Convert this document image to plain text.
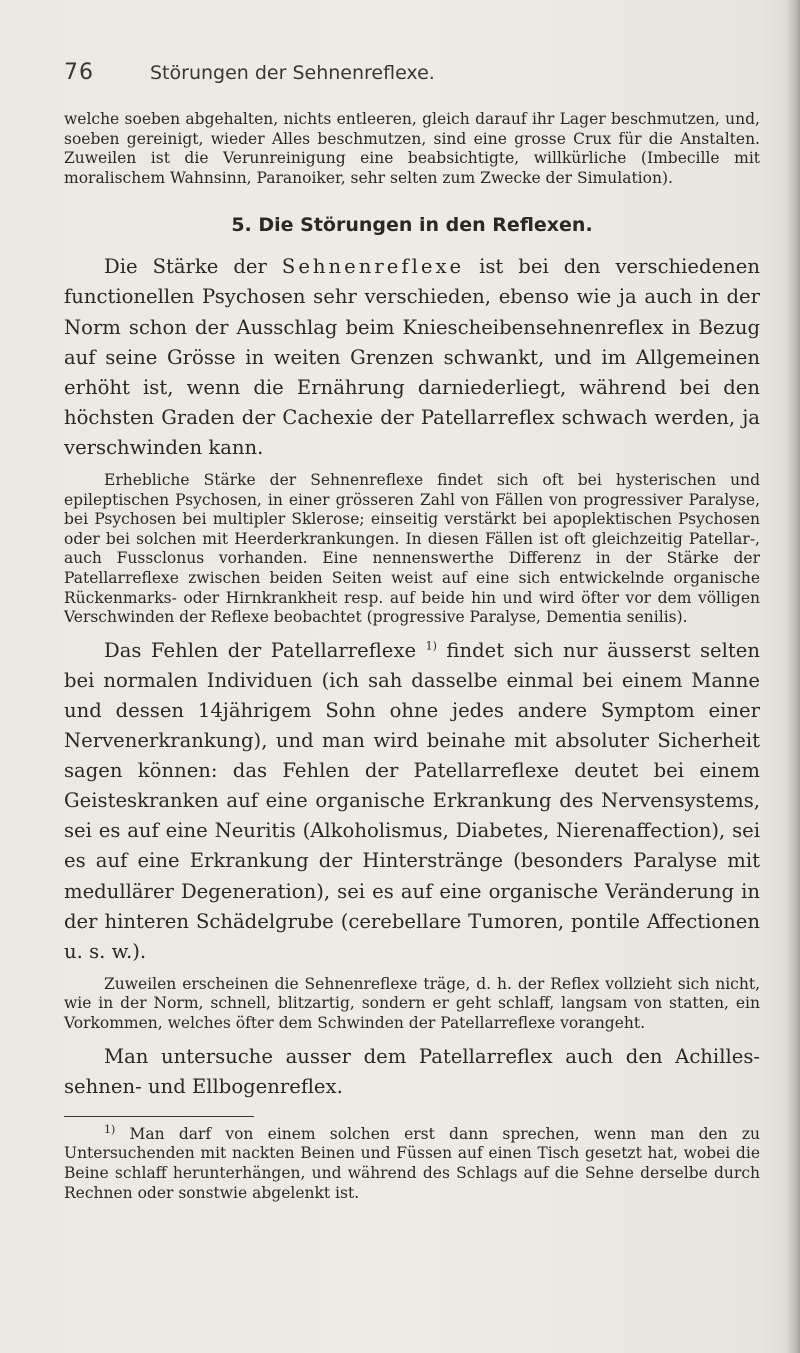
76	Störungen der Sehnenreflexe.

welche soeben abgehalten, nichts entleeren, gleich darauf ihr Lager beschmutzen, und, soeben gereinigt, wieder Alles beschmutzen, sind eine grosse Crux für die Anstalten. Zuweilen ist die Verunreinigung eine beabsichtigte, willkürliche (Imbecille mit moralischem Wahnsinn, Paranoiker, sehr selten zum Zwecke der Simulation).

5. Die Störungen in den Reflexen.

Die Stärke der Sehnenreflexe ist bei den verschiedenen functionellen Psychosen sehr verschieden, ebenso wie ja auch in der Norm schon der Ausschlag beim Kniescheibensehnenreflex in Bezug auf seine Grösse in weiten Grenzen schwankt, und im Allgemeinen erhöht ist, wenn die Ernährung darniederliegt, während bei den höchsten Graden der Cachexie der Patellarreflex schwach werden, ja verschwinden kann.

Erhebliche Stärke der Sehnenreflexe findet sich oft bei hysterischen und epileptischen Psychosen, in einer grösseren Zahl von Fällen von progressiver Paralyse, bei Psychosen bei multipler Sklerose; einseitig verstärkt bei apoplektischen Psychosen oder bei solchen mit Heerderkrankungen. In diesen Fällen ist oft gleichzeitig Patellar-, auch Fussclonus vorhanden. Eine nennenswerthe Differenz in der Stärke der Patellarreflexe zwischen beiden Seiten weist auf eine sich entwickelnde organische Rückenmarks- oder Hirnkrankheit resp. auf beide hin und wird öfter vor dem völligen Verschwinden der Reflexe beobachtet (progressive Paralyse, Dementia senilis).

Das Fehlen der Patellarreflexe $^{1)}$ findet sich nur äusserst selten bei normalen Individuen (ich sah dasselbe einmal bei einem Manne und dessen 14jährigem Sohn ohne jedes andere Symptom einer Nervenerkrankung), und man wird beinahe mit absoluter Sicherheit sagen können: das Fehlen der Patellarreflexe deutet bei einem Geisteskranken auf eine organische Erkrankung des Nervensystems, sei es auf eine Neuritis (Alkoholismus, Diabetes, Nierenaffection), sei es auf eine Erkrankung der Hinterstränge (besonders Paralyse mit medullärer Degeneration), sei es auf eine organische Veränderung in der hinteren Schädelgrube (cerebellare Tumoren, pontile Affectionen u. s. w.).

Zuweilen erscheinen die Sehnenreflexe träge, d. h. der Reflex vollzieht sich nicht, wie in der Norm, schnell, blitzartig, sondern er geht schlaff, langsam von statten, ein Vorkommen, welches öfter dem Schwinden der Patellarreflexe vorangeht.

Man untersuche ausser dem Patellarreflex auch den Achillessehnen- und Ellbogenreflex.

$^{1)}$ Man darf von einem solchen erst dann sprechen, wenn man den zu Untersuchenden mit nackten Beinen und Füssen auf einen Tisch gesetzt hat, wobei die Beine schlaff herunterhängen, und während des Schlags auf die Sehne derselbe durch Rechnen oder sonstwie abgelenkt ist.
